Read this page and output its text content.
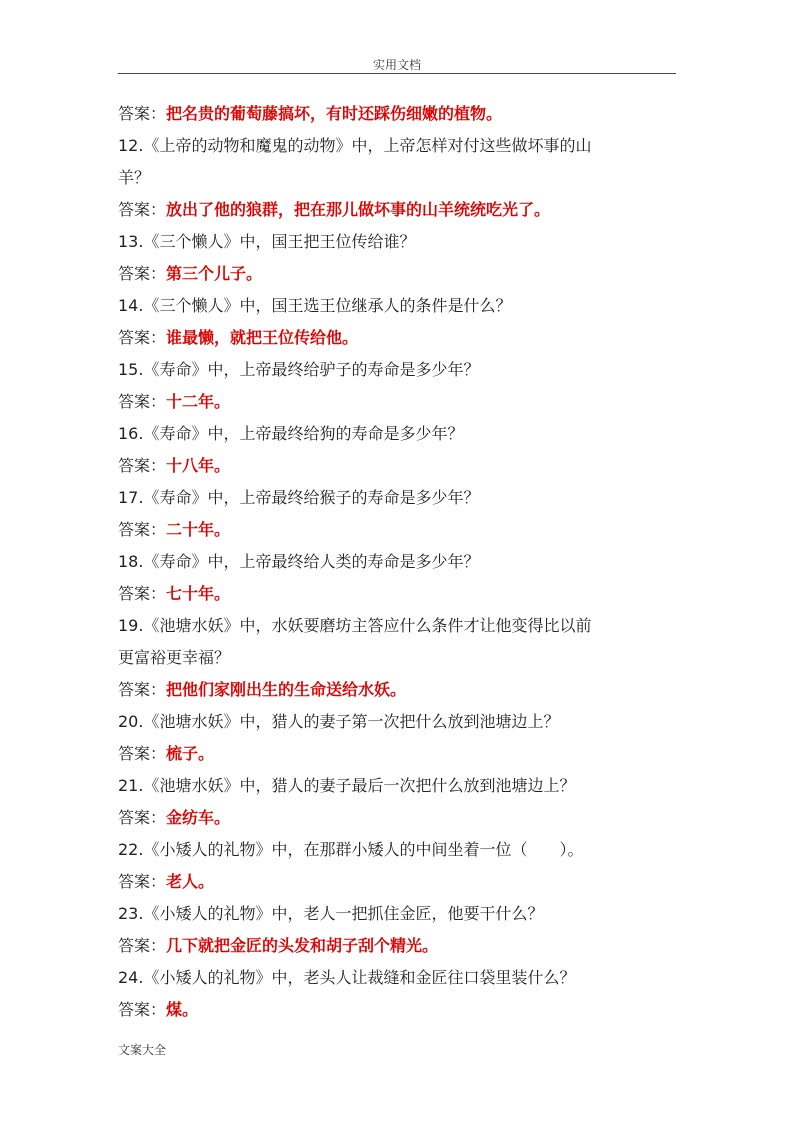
实用文档
答案：把名贵的葡萄藤搞坏，有时还踩伤细嫩的植物。
12.《上帝的动物和魔鬼的动物》中，上帝怎样对付这些做坏事的山
羊？
答案：放出了他的狼群，把在那儿做坏事的山羊统统吃光了。
13.《三个懒人》中，国王把王位传给谁？
答案：第三个儿子。
14.《三个懒人》中，国王选王位继承人的条件是什么？
答案：谁最懒，就把王位传给他。
15.《寿命》中，上帝最终给驴子的寿命是多少年？
答案：十二年。
16.《寿命》中，上帝最终给狗的寿命是多少年？
答案：十八年。
17.《寿命》中，上帝最终给猴子的寿命是多少年？
答案：二十年。
18.《寿命》中，上帝最终给人类的寿命是多少年？
答案：七十年。
19.《池塘水妖》中，水妖要磨坊主答应什么条件才让他变得比以前
更富裕更幸福？
答案：把他们家刚出生的生命送给水妖。
20.《池塘水妖》中，猎人的妻子第一次把什么放到池塘边上？
答案：梳子。
21.《池塘水妖》中，猎人的妻子最后一次把什么放到池塘边上？
答案：金纺车。
22.《小矮人的礼物》中，在那群小矮人的中间坐着一位（　　）。
答案：老人。
23.《小矮人的礼物》中，老人一把抓住金匠，他要干什么？
答案：几下就把金匠的头发和胡子刮个精光。
24.《小矮人的礼物》中，老头人让裁缝和金匠往口袋里装什么？
答案：煤。
文案大全
